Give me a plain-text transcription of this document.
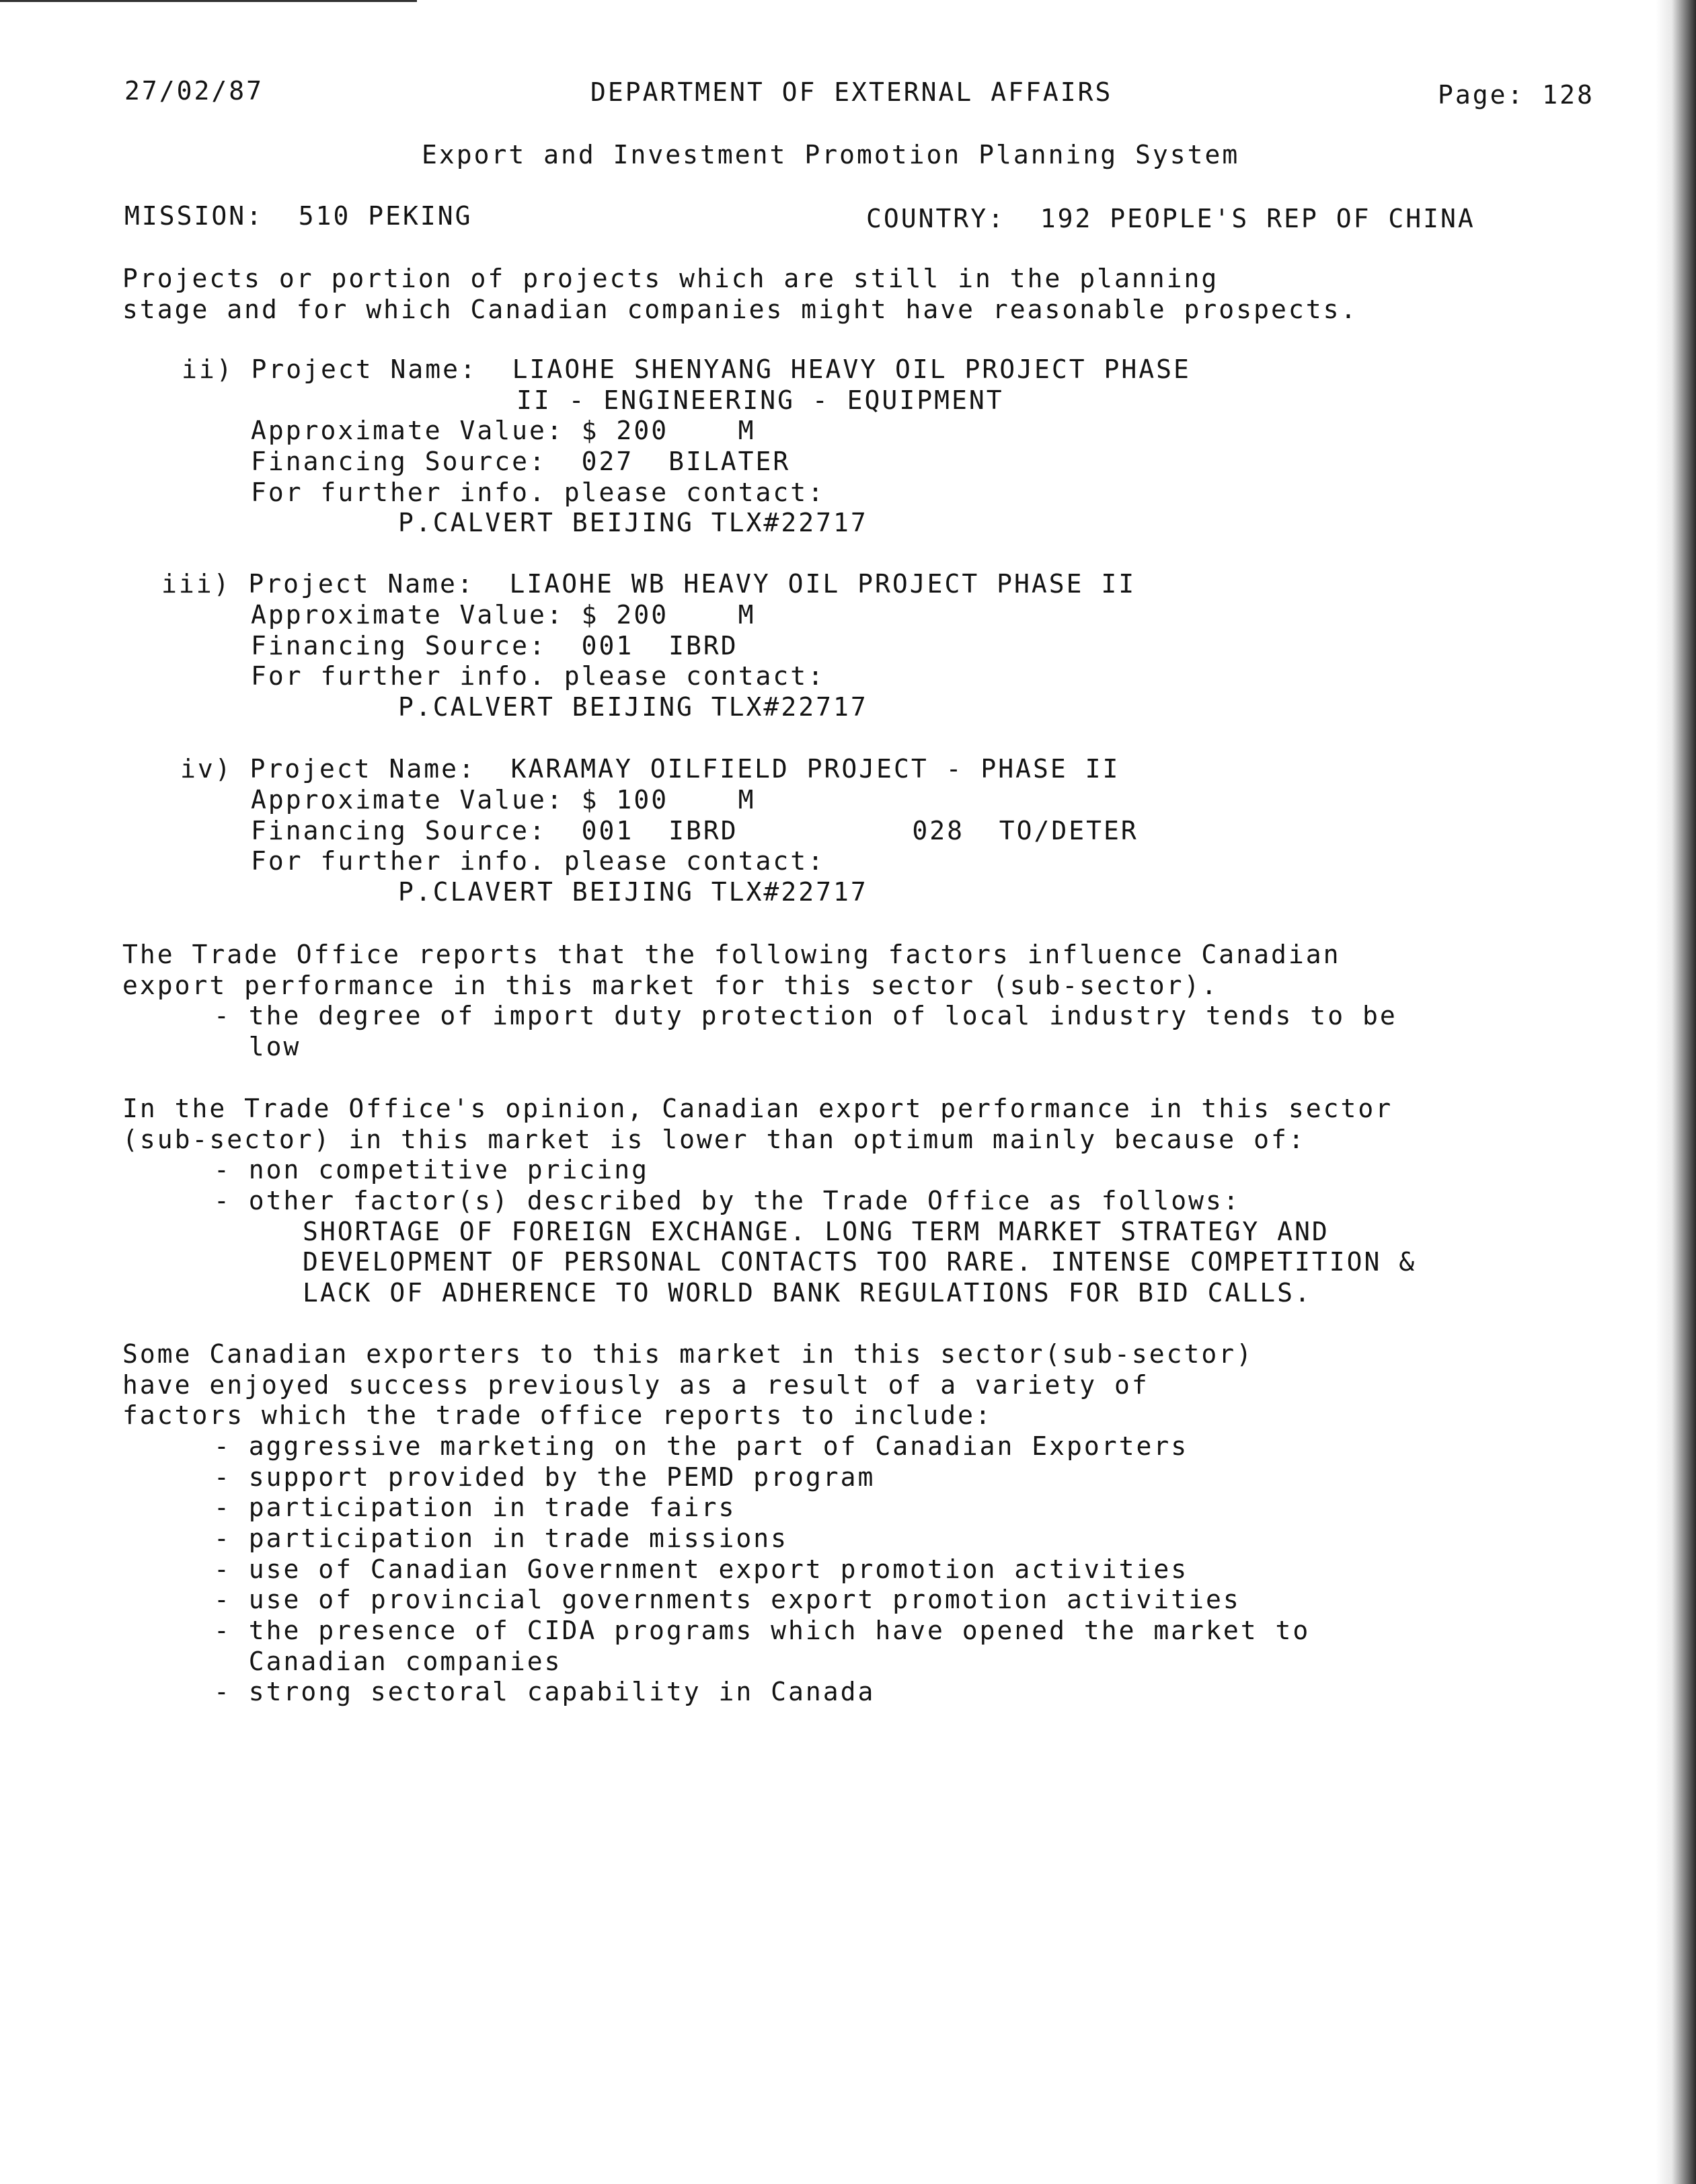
27/02/87	DEPARTMENT OF EXTERNAL AFFAIRS	Page: 128
Export and Investment Promotion Planning System
MISSION:  510 PEKING	COUNTRY:  192 PEOPLE'S REP OF CHINA
Projects or portion of projects which are still in the planning
stage and for which Canadian companies might have reasonable prospects.
ii) Project Name:  LIAOHE SHENYANG HEAVY OIL PROJECT PHASE
II - ENGINEERING - EQUIPMENT
Approximate Value: $ 200    M
Financing Source:  027  BILATER
For further info. please contact:
P.CALVERT BEIJING TLX#22717
iii) Project Name:  LIAOHE WB HEAVY OIL PROJECT PHASE II
Approximate Value: $ 200    M
Financing Source:  001  IBRD
For further info. please contact:
P.CALVERT BEIJING TLX#22717
iv) Project Name:  KARAMAY OILFIELD PROJECT - PHASE II
Approximate Value: $ 100    M
Financing Source:  001  IBRD          028  TO/DETER
For further info. please contact:
P.CLAVERT BEIJING TLX#22717
The Trade Office reports that the following factors influence Canadian
export performance in this market for this sector (sub-sector).
- the degree of import duty protection of local industry tends to be
low
In the Trade Office's opinion, Canadian export performance in this sector
(sub-sector) in this market is lower than optimum mainly because of:
- non competitive pricing
- other factor(s) described by the Trade Office as follows:
SHORTAGE OF FOREIGN EXCHANGE. LONG TERM MARKET STRATEGY AND
DEVELOPMENT OF PERSONAL CONTACTS TOO RARE. INTENSE COMPETITION &
LACK OF ADHERENCE TO WORLD BANK REGULATIONS FOR BID CALLS.
Some Canadian exporters to this market in this sector(sub-sector)
have enjoyed success previously as a result of a variety of
factors which the trade office reports to include:
- aggressive marketing on the part of Canadian Exporters
- support provided by the PEMD program
- participation in trade fairs
- participation in trade missions
- use of Canadian Government export promotion activities
- use of provincial governments export promotion activities
- the presence of CIDA programs which have opened the market to
Canadian companies
- strong sectoral capability in Canada
